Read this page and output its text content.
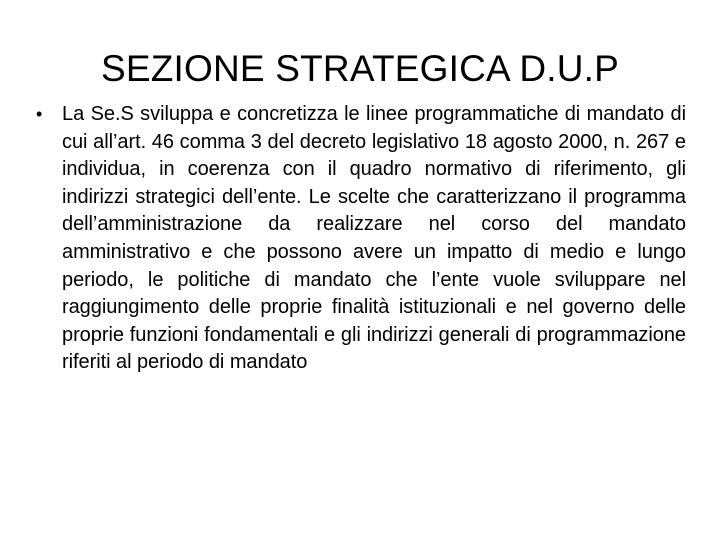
SEZIONE STRATEGICA D.U.P
• La Se.S sviluppa e concretizza le linee programmatiche di mandato di cui all’art. 46 comma 3 del decreto legislativo 18 agosto 2000, n. 267 e individua, in coerenza con il quadro normativo di riferimento, gli indirizzi strategici dell’ente. Le scelte che caratterizzano il programma dell’amministrazione da realizzare nel corso del mandato amministrativo e che possono avere un impatto di medio e lungo periodo, le politiche di mandato che l’ente vuole sviluppare nel raggiungimento delle proprie finalità istituzionali e nel governo delle proprie funzioni fondamentali e gli indirizzi generali di programmazione riferiti al periodo di mandato
